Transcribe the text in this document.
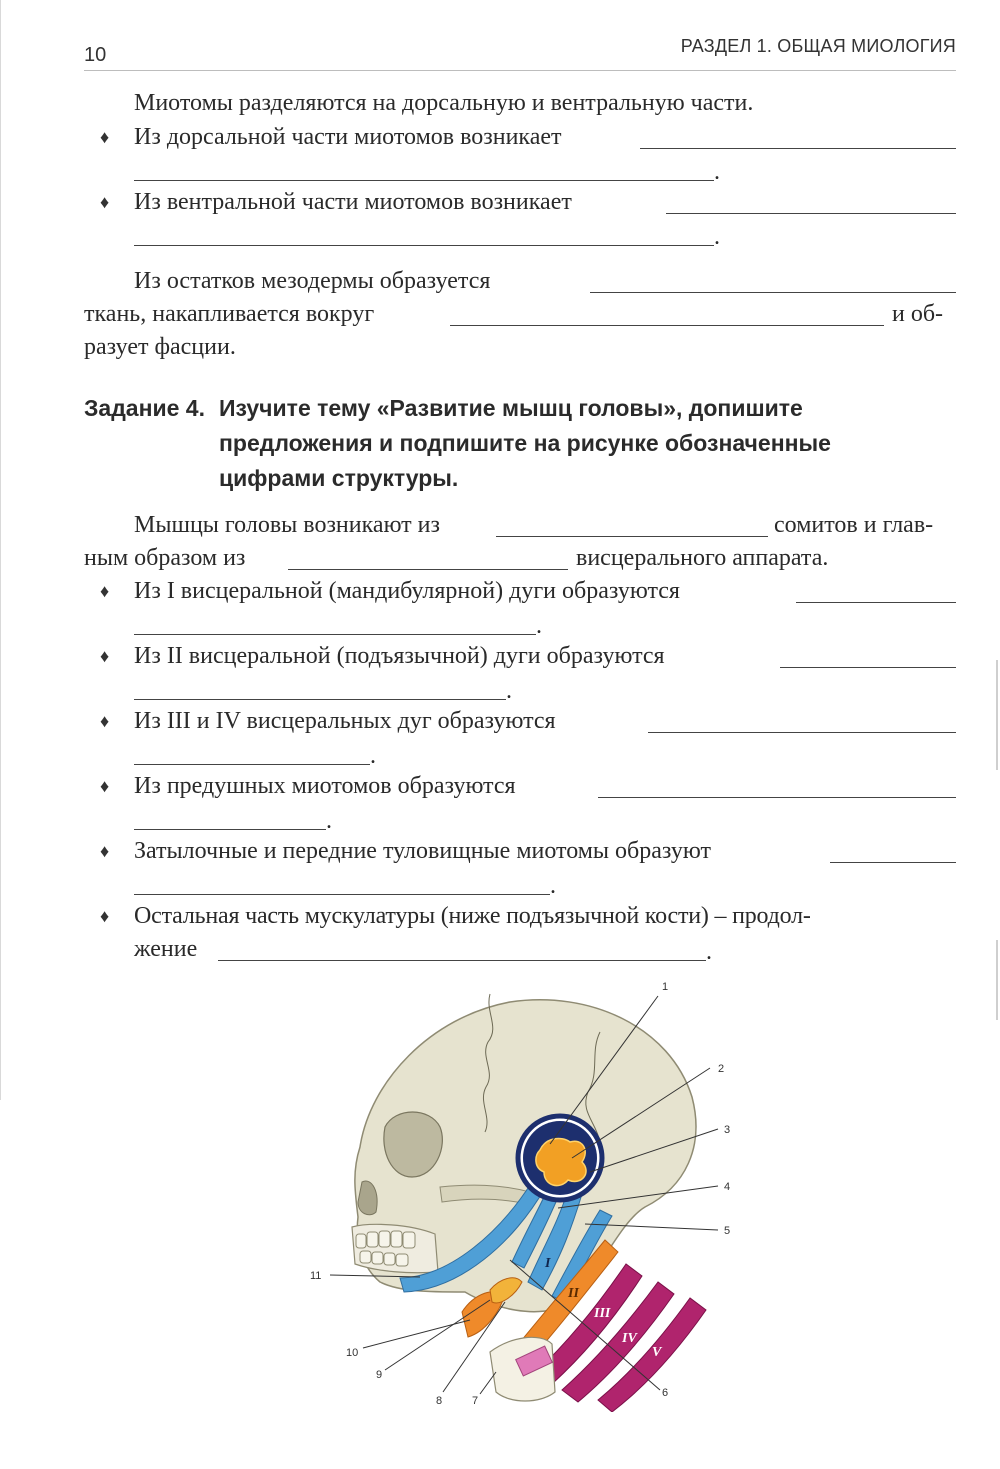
10	РАЗДЕЛ 1. ОБЩАЯ МИОЛОГИЯ
Миотомы разделяются на дорсальную и вентральную части.
♦ Из дорсальной части миотомов возникает
.
♦ Из вентральной части миотомов возникает
.
Из остатков мезодермы образуется
ткань, накапливается вокруг	и об-
разует фасции.
Задание 4. Изучите тему «Развитие мышц головы», допишите
предложения и подпишите на рисунке обозначенные
цифрами структуры.
Мышцы головы возникают из	сомитов и глав-
ным образом из	висцерального аппарата.
♦ Из I висцеральной (мандибулярной) дуги образуются
.
♦ Из II висцеральной (подъязычной) дуги образуются
.
♦ Из III и IV висцеральных дуг образуются
.
♦ Из предушных миотомов образуются
.
♦ Затылочные и передние туловищные миотомы образуют
.
♦ Остальная часть мускулатуры (ниже подъязычной кости) – продол-
жение	.
1
2
3
4
5
6
7
8
9
10
11
I
II
III
IV
V
